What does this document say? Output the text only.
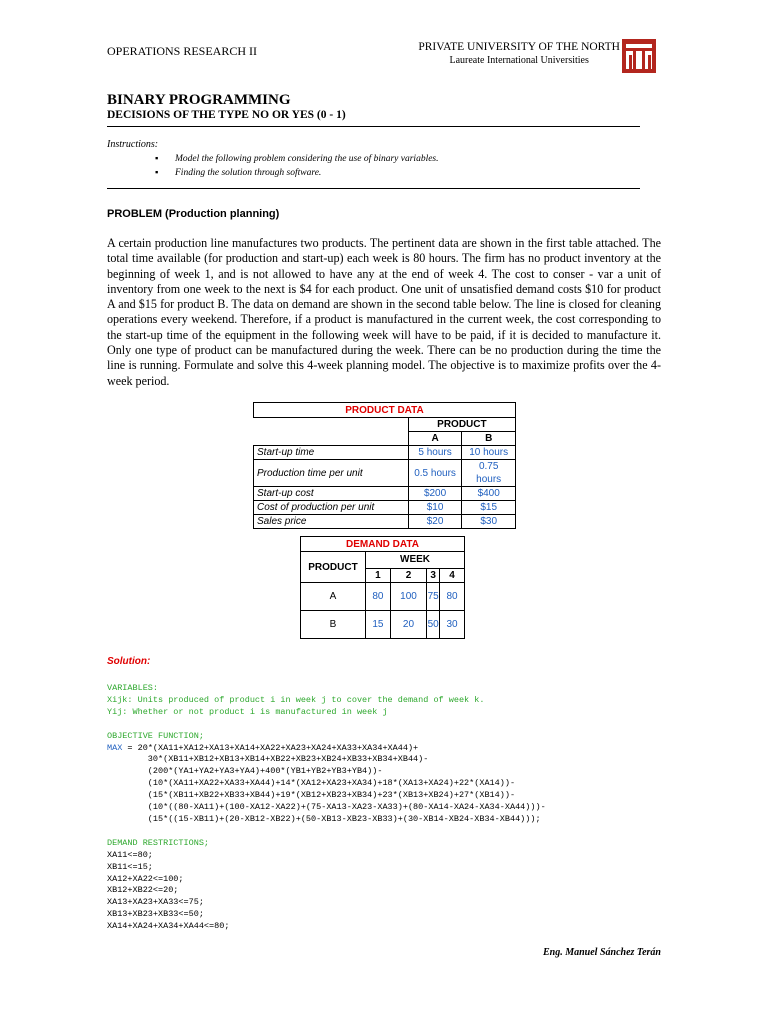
OPERATIONS RESEARCH II	PRIVATE UNIVERSITY OF THE NORTH
Laureate International Universities
BINARY PROGRAMMING
DECISIONS OF THE TYPE NO OR YES (0 - 1)
Instructions:
▪ Model the following problem considering the use of binary variables.
▪ Finding the solution through software.
PROBLEM (Production planning)
A certain production line manufactures two products. The pertinent data are shown in the first table attached. The total time available (for production and start-up) each week is 80 hours. The firm has no product inventory at the beginning of week 1, and is not allowed to have any at the end of week 4. The cost to conser - var a unit of inventory from one week to the next is $4 for each product. One unit of unsatisfied demand costs $10 for product A and $15 for product B. The data on demand are shown in the second table below. The line is closed for cleaning operations every weekend. Therefore, if a product is manufactured in the current week, the cost corresponding to the start-up time of the equipment in the following week will have to be paid, if it is decided to manufacture it. Only one type of product can be manufactured during the week. There can be no production during the time the line is running. Formulate and solve this 4-week planning model. The objective is to maximize profits over the 4-week period.
PRODUCT DATA		
	PRODUCT	
	A	B
Start-up time	5 hours	10 hours
Production time per unit	0.5 hours	0.75 hours
Start-up cost	$200	$400
Cost of production per unit	$10	$15
Sales price	$20	$30
DEMAND DATA				
PRODUCT	WEEK			
	1	2	3	4
A	80	100	75	80
B	15	20	50	30
Solution:
VARIABLES:
Xijk: Units produced of product i in week j to cover the demand of week k.
Yij: Whether or not product i is manufactured in week j
OBJECTIVE FUNCTION;
MAX = 20*(XA11+XA12+XA13+XA14+XA22+XA23+XA24+XA33+XA34+XA44)+
30*(XB11+XB12+XB13+XB14+XB22+XB23+XB24+XB33+XB34+XB44)-
(200*(YA1+YA2+YA3+YA4)+400*(YB1+YB2+YB3+YB4))-
(10*(XA11+XA22+XA33+XA44)+14*(XA12+XA23+XA34)+18*(XA13+XA24)+22*(XA14))-
(15*(XB11+XB22+XB33+XB44)+19*(XB12+XB23+XB34)+23*(XB13+XB24)+27*(XB14))-
(10*((80-XA11)+(100-XA12-XA22)+(75-XA13-XA23-XA33)+(80-XA14-XA24-XA34-XA44)))-
(15*((15-XB11)+(20-XB12-XB22)+(50-XB13-XB23-XB33)+(30-XB14-XB24-XB34-XB44)));
DEMAND RESTRICTIONS;
XA11<=80;
XB11<=15;
XA12+XA22<=100;
XB12+XB22<=20;
XA13+XA23+XA33<=75;
XB13+XB23+XB33<=50;
XA14+XA24+XA34+XA44<=80;
Eng. Manuel Sánchez Terán
